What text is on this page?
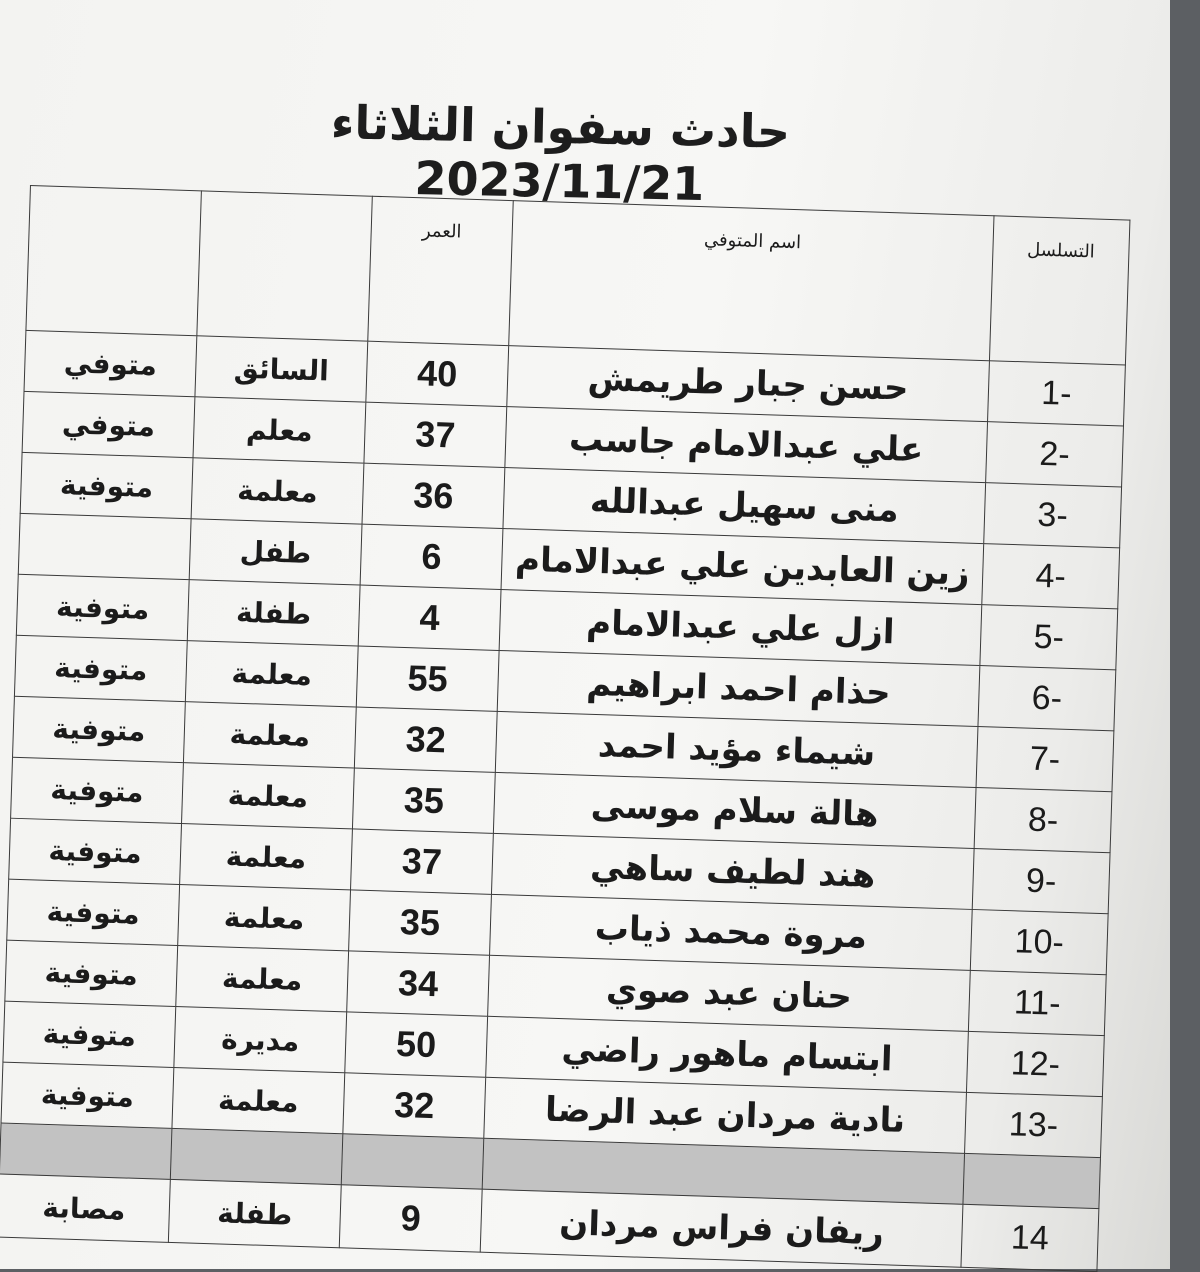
حادث سفوان الثلاثاء 2023/11/21
التسلسل	اسم المتوفي	العمر		
-1	حسن جبار طريمش	40	السائق	متوفي
-2	علي عبدالامام جاسب	37	معلم	متوفي
-3	منى سهيل عبدالله	36	معلمة	متوفية
-4	زين العابدين علي عبدالامام	6	طفل	
-5	ازل علي عبدالامام	4	طفلة	متوفية
-6	حذام احمد ابراهيم	55	معلمة	متوفية
-7	شيماء مؤيد احمد	32	معلمة	متوفية
-8	هالة سلام موسى	35	معلمة	متوفية
-9	هند لطيف ساهي	37	معلمة	متوفية
-10	مروة محمد ذياب	35	معلمة	متوفية
-11	حنان عبد صوي	34	معلمة	متوفية
-12	ابتسام ماهور راضي	50	مديرة	متوفية
-13	نادية مردان عبد الرضا	32	معلمة	متوفية

14	ريفان فراس مردان	9	طفلة	مصابة
